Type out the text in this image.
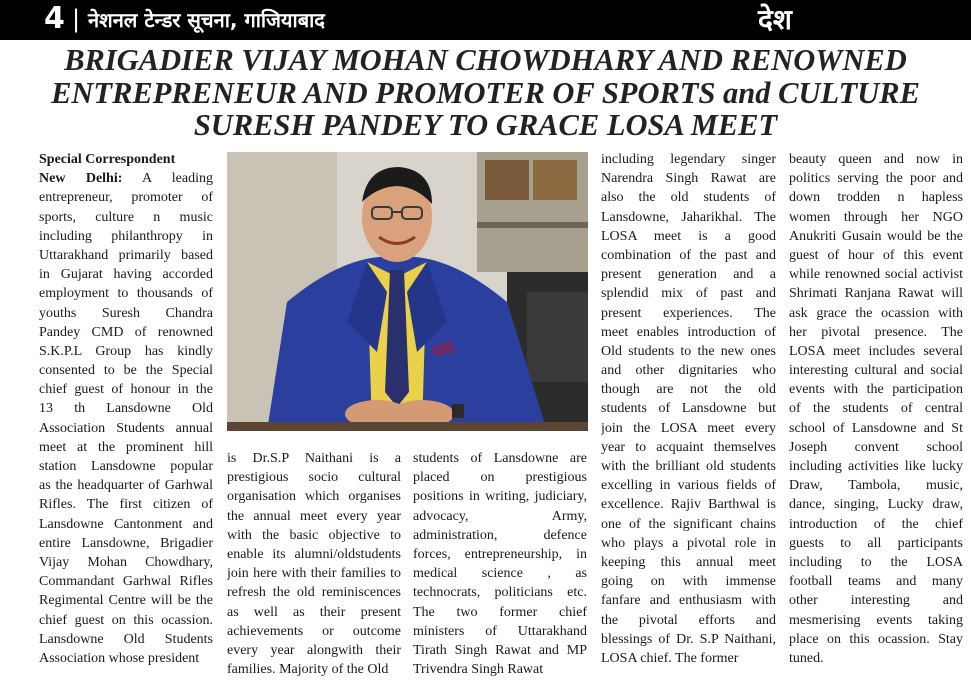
4 | नेशनल टेन्डर सूचना, गाजियाबाद	देश
BRIGADIER VIJAY MOHAN CHOWDHARY AND RENOWNED
ENTREPRENEUR AND PROMOTER OF SPORTS and CULTURE
SURESH PANDEY TO GRACE LOSA MEET
Special Correspondent
New Delhi: A leading
entrepreneur, promoter of
sports, culture n music
including philanthropy in
Uttarakhand primarily based
in Gujarat having accorded
employment to thousands of
youths Suresh Chandra
Pandey CMD of renowned
S.K.P.L Group has kindly
consented to be the Special
chief guest of honour in the
13 th Lansdowne Old
Association Students annual
meet at the prominent hill
station Lansdowne popular
as the headquarter of Garhwal
Rifles. The first citizen of
Lansdowne Cantonment and
entire Lansdowne, Brigadier
Vijay Mohan Chowdhary,
Commandant Garhwal Rifles
Regimental Centre will be the
chief guest on this ocassion.
Lansdowne Old Students
Association whose president
is Dr.S.P Naithani is a
prestigious socio cultural
organisation which organises
the annual meet every year
with the basic objective to
enable its alumni/oldstudents
join here with their families to
refresh the old reminiscences
as well as their present
achievements or outcome
every year alongwith their
families. Majority of the Old
students of Lansdowne are
placed on prestigious
positions in writing, judiciary,
advocacy, Army,
administration, defence
forces, entrepreneurship, in
medical science , as
technocrats, politicians etc.
The two former chief
ministers of Uttarakhand
Tirath Singh Rawat and MP
Trivendra Singh Rawat
including legendary singer
Narendra Singh Rawat are
also the old students of
Lansdowne, Jaharikhal. The
LOSA meet is a good
combination of the past and
present generation and a
splendid mix of past and
present experiences. The
meet enables introduction of
Old students to the new ones
and other dignitaries who
though are not the old
students of Lansdowne but
join the LOSA meet every
year to acquaint themselves
with the brilliant old students
excelling in various fields of
excellence. Rajiv Barthwal is
one of the significant chains
who plays a pivotal role in
keeping this annual meet
going on with immense
fanfare and enthusiasm with
the pivotal efforts and
blessings of Dr. S.P Naithani,
LOSA chief. The former
beauty queen and now in
politics serving the poor and
down trodden n hapless
women through her NGO
Anukriti Gusain would be the
guest of hour of this event
while renowned social activist
Shrimati Ranjana Rawat will
ask grace the ocassion with
her pivotal presence. The
LOSA meet includes several
interesting cultural and social
events with the participation
of the students of central
school of Lansdowne and St
Joseph convent school
including activities like lucky
Draw, Tambola, music,
dance, singing, Lucky draw,
introduction of the chief
guests to all participants
including to the LOSA
football teams and many
other interesting and
mesmerising events taking
place on this ocassion. Stay
tuned.
